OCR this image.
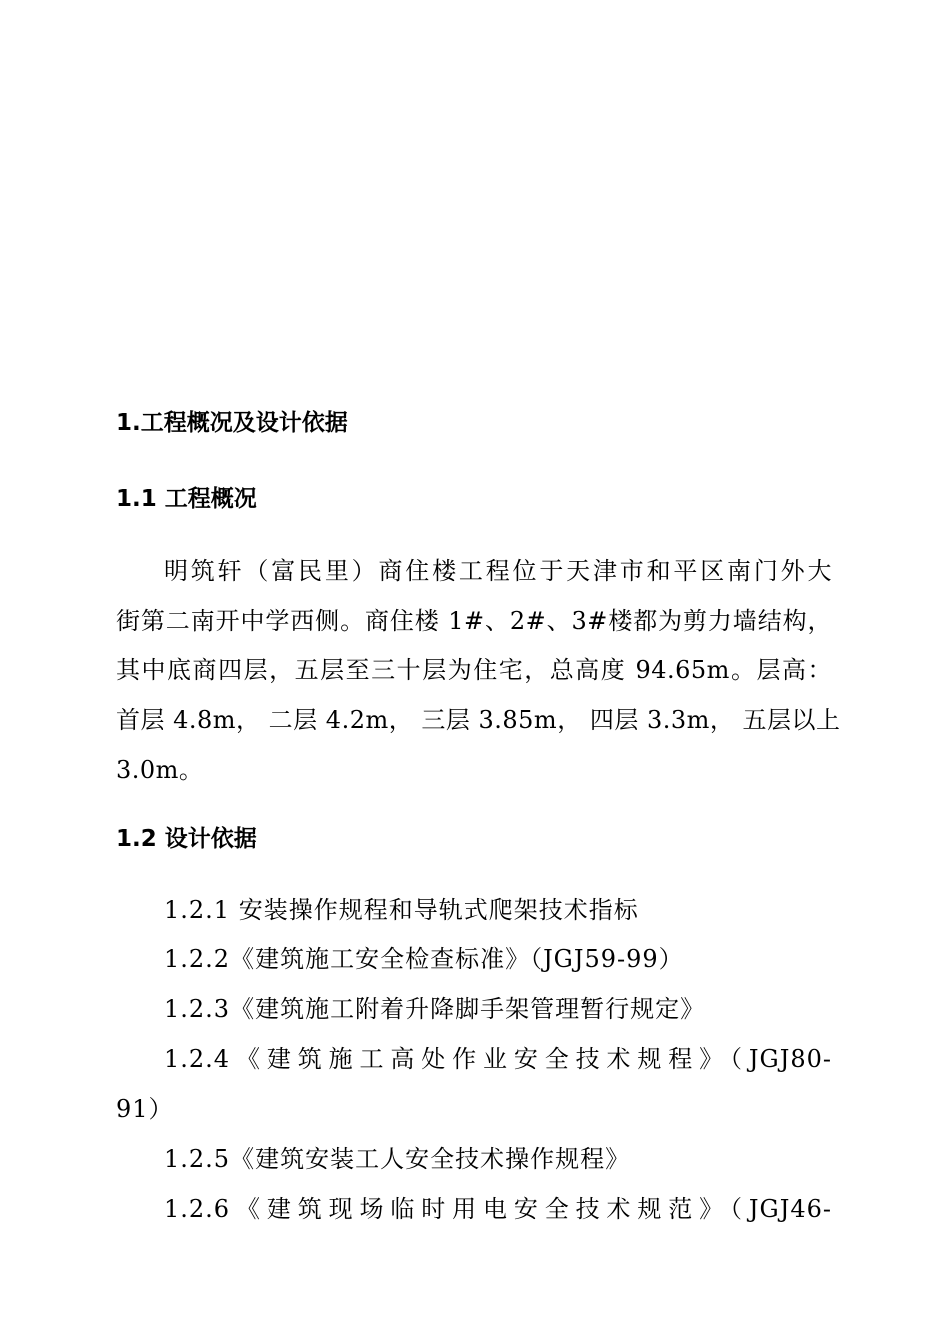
1.工程概况及设计依据
1.1 工程概况
明筑轩（富民里）商住楼工程位于天津市和平区南门外大
街第二南开中学西侧。商住楼 1#、2#、3#楼都为剪力墙结构，
其中底商四层，五层至三十层为住宅，总高度 94.65m。层高：
首层 4.8m， 二层 4.2m， 三层 3.85m， 四层 3.3m， 五层以上
3.0m。
1.2 设计依据
1.2.1 安装操作规程和导轨式爬架技术指标
1.2.2《建筑施工安全检查标准》（JGJ59-99）
1.2.3《建筑施工附着升降脚手架管理暂行规定》
1.2.4《建筑施工高处作业安全技术规程》（JGJ80-
91）
1.2.5《建筑安装工人安全技术操作规程》
1.2.6《建筑现场临时用电安全技术规范》（JGJ46-
